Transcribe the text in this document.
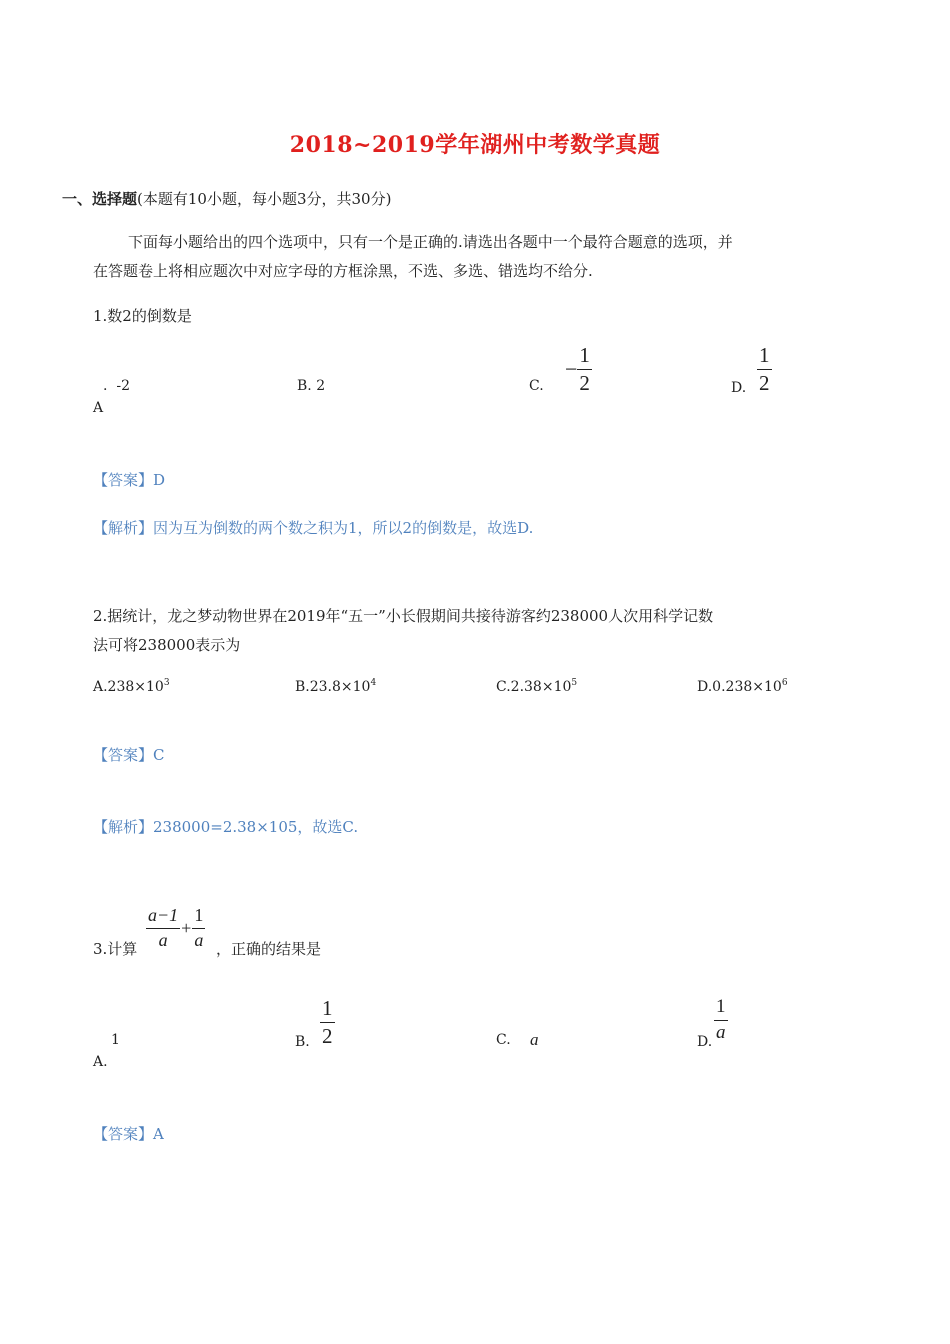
2018~2019学年湖州中考数学真题
一、选择题(本题有10小题，每小题3分，共30分)
下面每小题给出的四个选项中，只有一个是正确的.请选出各题中一个最符合题意的选项，并
在答题卷上将相应题次中对应字母的方框涂黑，不选、多选、错选均不给分.
1.数2的倒数是
. -2
A
B. 2	C.
− $\frac{1}{2}$	D. $\frac{1}{2}$
【答案】D
【解析】因为互为倒数的两个数之积为1，所以2的倒数是，故选D.
2.据统计，龙之梦动物世界在2019年“五一”小长假期间共接待游客约238000人次用科学记数
法可将238000表示为
$A.238\times 10^3$	$B.23.8\times 10^4$	$C.2.38\times 10^5$	$D.0.238\times 10^6$
【答案】C
【解析】238000=2.38×105，故选C.
3.计算 $\frac{a-1}{a} + \frac{1}{a}$ ，正确的结果是
1
A.
B. $\frac{1}{2}$	C. a	D. $\frac{1}{a}$
【答案】A
